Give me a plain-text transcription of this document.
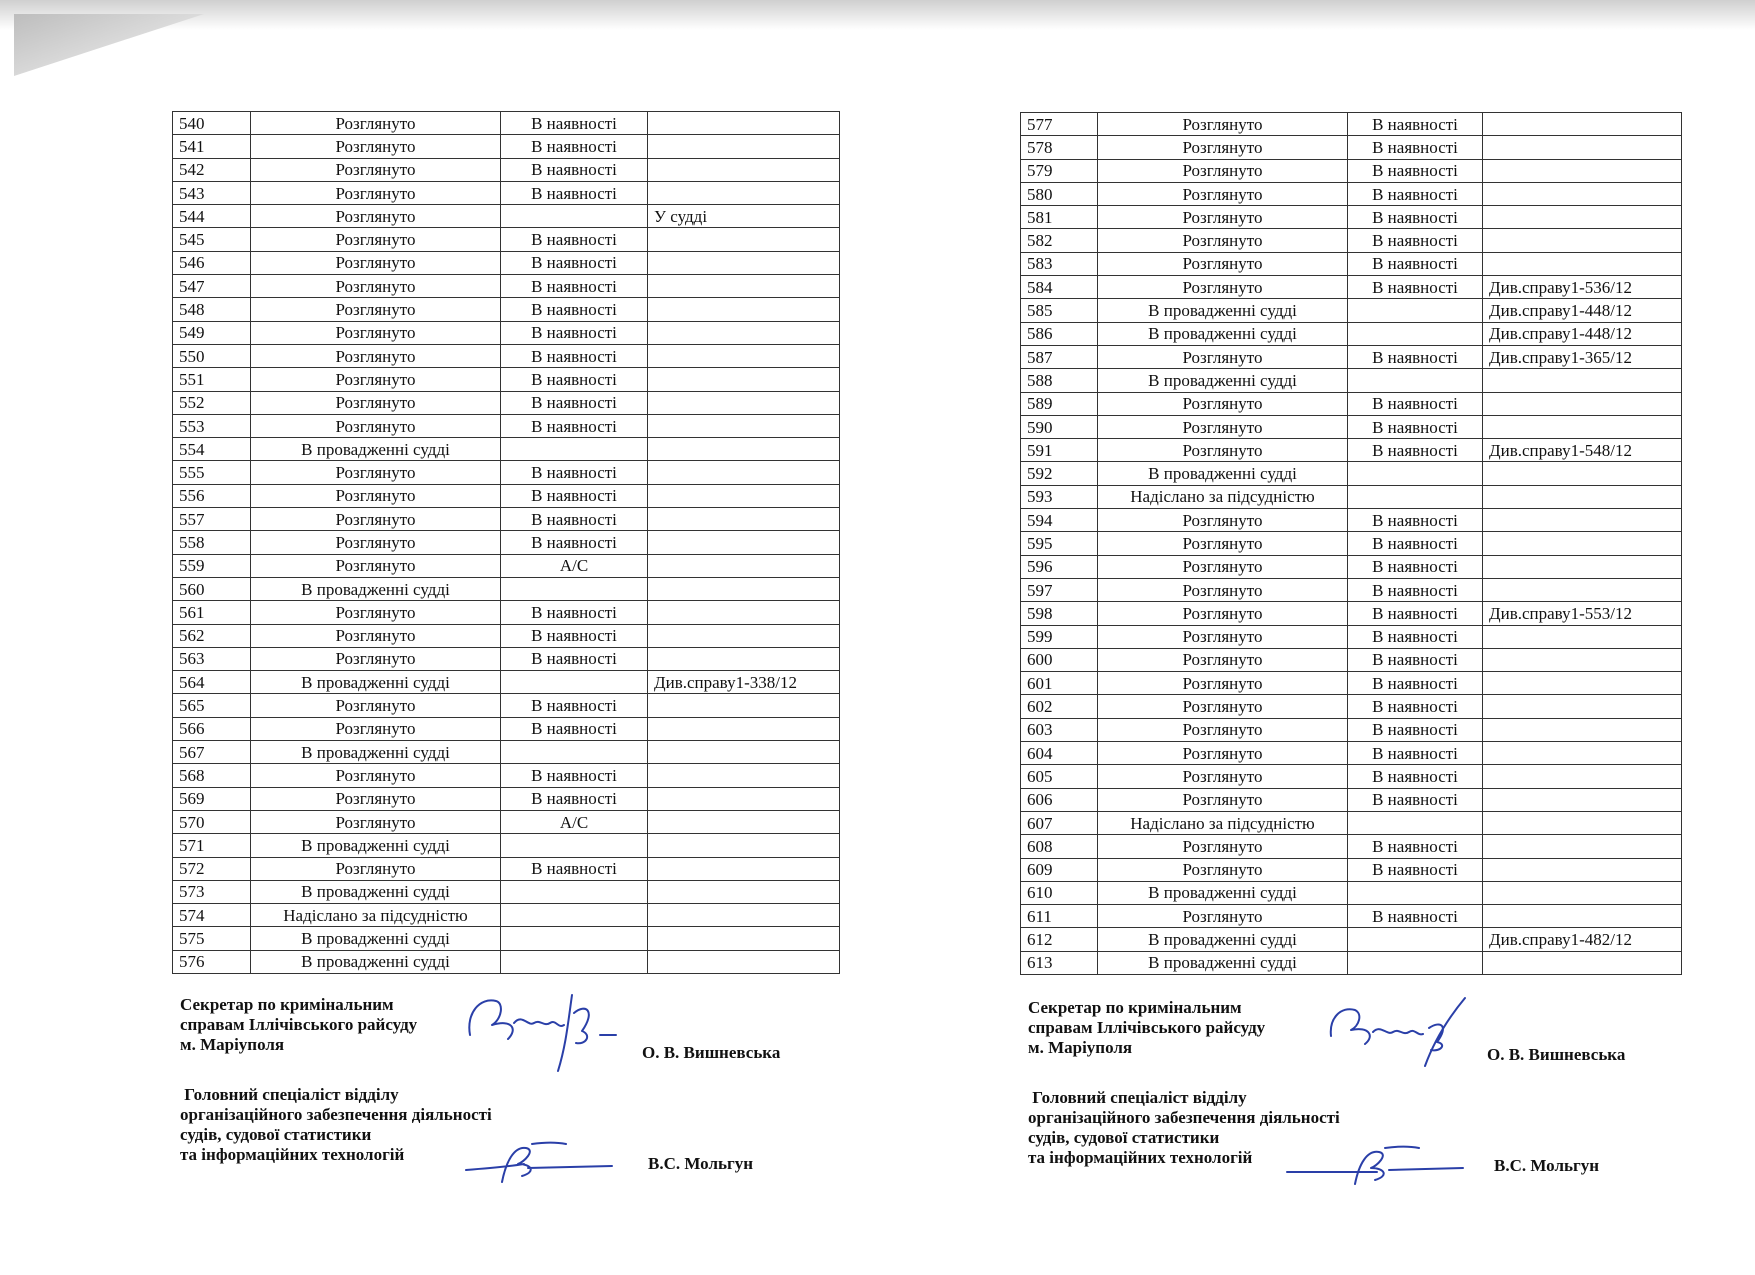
540	Розглянуто	В наявності	
541	Розглянуто	В наявності	
542	Розглянуто	В наявності	
543	Розглянуто	В наявності	
544	Розглянуто		У судді
545	Розглянуто	В наявності	
546	Розглянуто	В наявності	
547	Розглянуто	В наявності	
548	Розглянуто	В наявності	
549	Розглянуто	В наявності	
550	Розглянуто	В наявності	
551	Розглянуто	В наявності	
552	Розглянуто	В наявності	
553	Розглянуто	В наявності	
554	В провадженні судді		
555	Розглянуто	В наявності	
556	Розглянуто	В наявності	
557	Розглянуто	В наявності	
558	Розглянуто	В наявності	
559	Розглянуто	А/С	
560	В провадженні судді		
561	Розглянуто	В наявності	
562	Розглянуто	В наявності	
563	Розглянуто	В наявності	
564	В провадженні судді		Див.справу1-338/12
565	Розглянуто	В наявності	
566	Розглянуто	В наявності	
567	В провадженні судді		
568	Розглянуто	В наявності	
569	Розглянуто	В наявності	
570	Розглянуто	А/С	
571	В провадженні судді		
572	Розглянуто	В наявності	
573	В провадженні судді		
574	Надіслано за підсудністю		
575	В провадженні судді		
576	В провадженні судді		
Секретар по кримінальним
справам Іллічівського райсуду
м. Маріуполя	О. В. Вишневська
Головний спеціаліст відділу
організаційного забезпечення діяльності
судів, судової статистики
та інформаційних технологій	В.С. Мольгун
577	Розглянуто	В наявності	
578	Розглянуто	В наявності	
579	Розглянуто	В наявності	
580	Розглянуто	В наявності	
581	Розглянуто	В наявності	
582	Розглянуто	В наявності	
583	Розглянуто	В наявності	
584	Розглянуто	В наявності	Див.справу1-536/12
585	В провадженні судді		Див.справу1-448/12
586	В провадженні судді		Див.справу1-448/12
587	Розглянуто	В наявності	Див.справу1-365/12
588	В провадженні судді		
589	Розглянуто	В наявності	
590	Розглянуто	В наявності	
591	Розглянуто	В наявності	Див.справу1-548/12
592	В провадженні судді		
593	Надіслано за підсудністю		
594	Розглянуто	В наявності	
595	Розглянуто	В наявності	
596	Розглянуто	В наявності	
597	Розглянуто	В наявності	
598	Розглянуто	В наявності	Див.справу1-553/12
599	Розглянуто	В наявності	
600	Розглянуто	В наявності	
601	Розглянуто	В наявності	
602	Розглянуто	В наявності	
603	Розглянуто	В наявності	
604	Розглянуто	В наявності	
605	Розглянуто	В наявності	
606	Розглянуто	В наявності	
607	Надіслано за підсудністю		
608	Розглянуто	В наявності	
609	Розглянуто	В наявності	
610	В провадженні судді		
611	Розглянуто	В наявності	
612	В провадженні судді		Див.справу1-482/12
613	В провадженні судді		
Секретар по кримінальним
справам Іллічівського райсуду
м. Маріуполя	О. В. Вишневська
Головний спеціаліст відділу
організаційного забезпечення діяльності
судів, судової статистики
та інформаційних технологій	В.С. Мольгун
